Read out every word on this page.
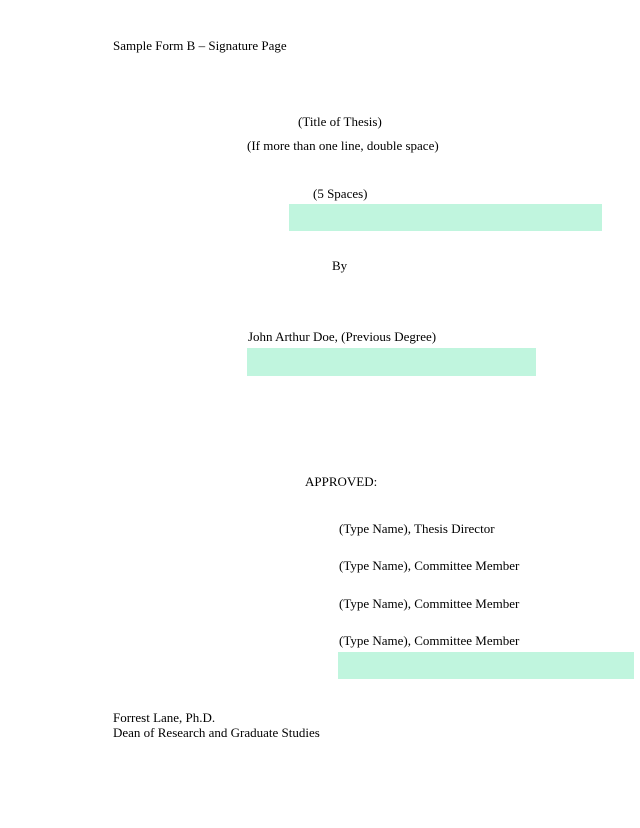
Sample Form B – Signature Page
(Title of Thesis)
(If more than one line, double space)
(5 Spaces)
By
John Arthur Doe, (Previous Degree)
APPROVED:
(Type Name), Thesis Director
(Type Name), Committee Member
(Type Name), Committee Member
(Type Name), Committee Member
Forrest Lane, Ph.D.
Dean of Research and Graduate Studies
